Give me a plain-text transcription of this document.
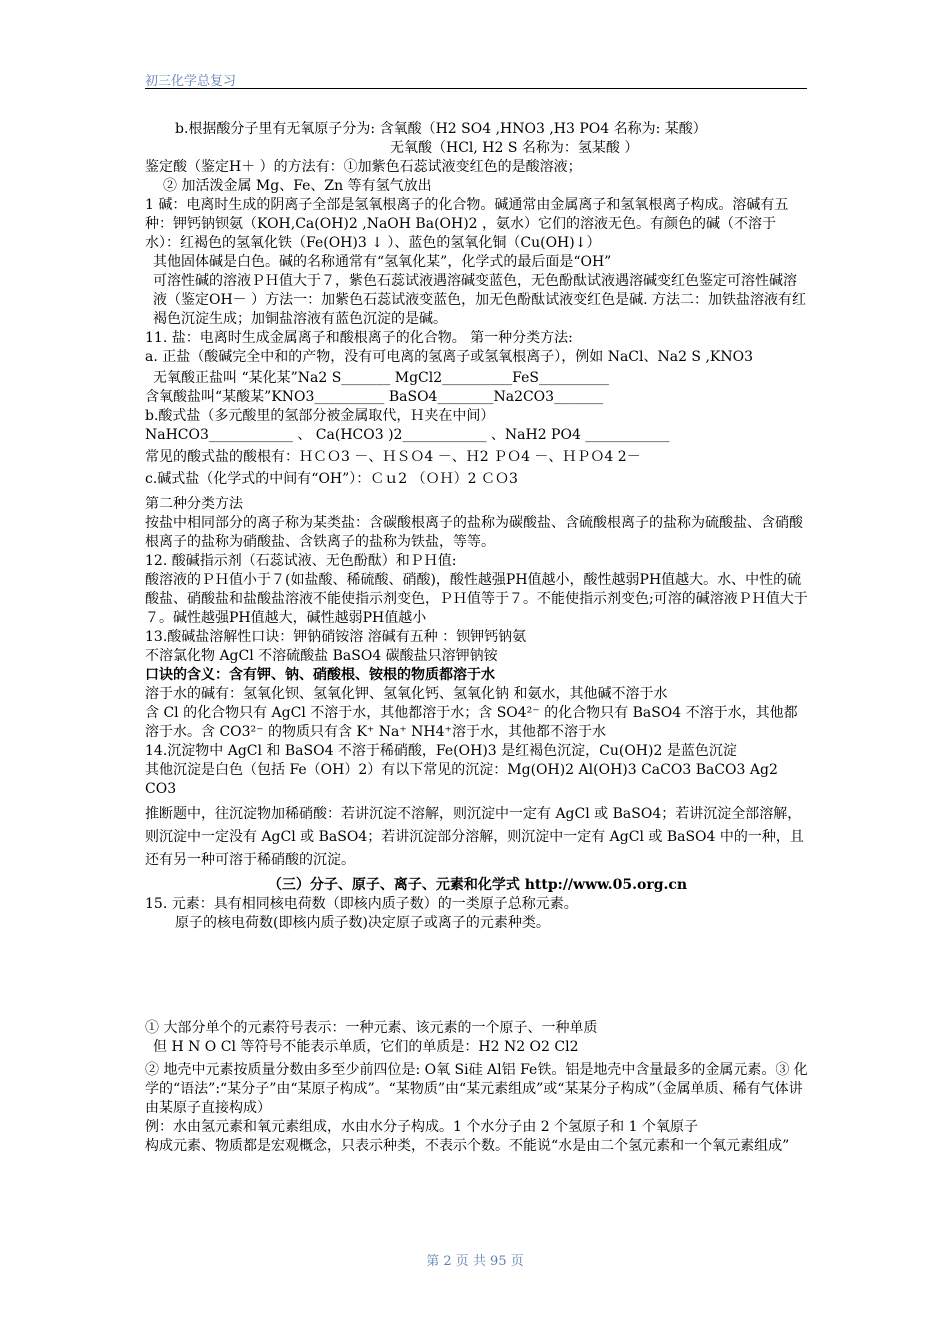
初三化学总复习

b.根据酸分子里有无氧原子分为: 含氧酸（H2 SO4 ,HNO3 ,H3 PO4 名称为: 某酸）

无氧酸（HCl, H2 S 名称为：氢某酸 ）

鉴定酸（鉴定H＋ ）的方法有：①加紫色石蕊试液变红色的是酸溶液；

② 加活泼金属 Mg、Fe、Zn 等有氢气放出

1 碱：电离时生成的阴离子全部是氢氧根离子的化合物。碱通常由金属离子和氢氧根离子构成。溶碱有五种：钾钙钠钡氨（KOH,Ca(OH)2 ,NaOH Ba(OH)2 ，氨水）它们的溶液无色。有颜色的碱（不溶于水）：红褐色的氢氧化铁（Fe(OH)3 ↓ ）、蓝色的氢氧化铜（Cu(OH)↓）

其他固体碱是白色。碱的名称通常有“氢氧化某”，化学式的最后面是“OH”

可溶性碱的溶液ＰＨ值大于７，紫色石蕊试液遇溶碱变蓝色，无色酚酞试液遇溶碱变红色鉴定可溶性碱溶液（鉴定OH－ ）方法一：加紫色石蕊试液变蓝色，加无色酚酞试液变红色是碱. 方法二：加铁盐溶液有红褐色沉淀生成；加铜盐溶液有蓝色沉淀的是碱。

11. 盐：电离时生成金属离子和酸根离子的化合物。 第一种分类方法:

a. 正盐（酸碱完全中和的产物，没有可电离的氢离子或氢氧根离子），例如 NaCl、Na2 S ,KNO3

无氧酸正盐叫 “某化某”Na2 S_______ MgCl2__________FeS__________

含氧酸盐叫“某酸某”KNO3__________ BaSO4________Na2CO3_______

b.酸式盐（多元酸里的氢部分被金属取代，Ｈ夹在中间）

NaHCO3____________ 、 Ca(HCO3 )2____________ 、NaH2 PO4 ____________

常见的酸式盐的酸根有：ＨＣＯ3 －、ＨＳＯ4 －、Ｈ2 ＰＯ4 －、ＨＰＯ4 2－

c.碱式盐（化学式的中间有“OH”）：Ｃｕ2 （ＯＨ）2 ＣＯ3

第二种分类方法

按盐中相同部分的离子称为某类盐：含碳酸根离子的盐称为碳酸盐、含硫酸根离子的盐称为硫酸盐、含硝酸根离子的盐称为硝酸盐、含铁离子的盐称为铁盐，等等。

12. 酸碱指示剂（石蕊试液、无色酚酞）和ＰＨ值:

酸溶液的ＰＨ值小于７(如盐酸、稀硫酸、硝酸)，酸性越强PH值越小，酸性越弱PH值越大。水、中性的硫酸盐、硝酸盐和盐酸盐溶液不能使指示剂变色，ＰＨ值等于７。不能使指示剂变色;可溶的碱溶液ＰＨ值大于７。碱性越强PH值越大，碱性越弱PH值越小

13.酸碱盐溶解性口诀：钾钠硝铵溶 溶碱有五种 ：钡钾钙钠氨

不溶氯化物 AgCl 不溶硫酸盐 BaSO4 碳酸盐只溶钾钠铵

口诀的含义：含有钾、钠、硝酸根、铵根的物质都溶于水

溶于水的碱有：氢氧化钡、氢氧化钾、氢氧化钙、氢氧化钠 和氨水，其他碱不溶于水

含 Cl 的化合物只有 AgCl 不溶于水，其他都溶于水；含 SO4²⁻ 的化合物只有 BaSO4 不溶于水，其他都溶于水。含 CO3²⁻ 的物质只有含 K⁺ Na⁺ NH4⁺溶于水，其他都不溶于水

14.沉淀物中 AgCl 和 BaSO4 不溶于稀硝酸，Fe(OH)3 是红褐色沉淀，Cu(OH)2 是蓝色沉淀

其他沉淀是白色（包括 Fe（OH）2）有以下常见的沉淀：Mg(OH)2 Al(OH)3 CaCO3 BaCO3 Ag2 CO3

推断题中，往沉淀物加稀硝酸：若讲沉淀不溶解，则沉淀中一定有 AgCl 或 BaSO4；若讲沉淀全部溶解，则沉淀中一定没有 AgCl 或 BaSO4；若讲沉淀部分溶解，则沉淀中一定有 AgCl 或 BaSO4 中的一种，且还有另一种可溶于稀硝酸的沉淀。

（三）分子、原子、离子、元素和化学式 http://www.05.org.cn

15. 元素：具有相同核电荷数（即核内质子数）的一类原子总称元素。

原子的核电荷数(即核内质子数)决定原子或离子的元素种类。

① 大部分单个的元素符号表示：一种元素、该元素的一个原子、一种单质

但 H N O Cl 等符号不能表示单质，它们的单质是：H2 N2 O2 Cl2

② 地壳中元素按质量分数由多至少前四位是: O氧 Si硅 Al铝 Fe铁。铝是地壳中含量最多的金属元素。③ 化学的“语法”:“某分子”由“某原子构成”。“某物质”由“某元素组成”或“某某分子构成”（金属单质、稀有气体讲由某原子直接构成）

例：水由氢元素和氧元素组成，水由水分子构成。1 个水分子由 2 个氢原子和 1 个氧原子

构成元素、物质都是宏观概念，只表示种类，不表示个数。不能说“水是由二个氢元素和一个氧元素组成”

第 2 页 共 95 页
